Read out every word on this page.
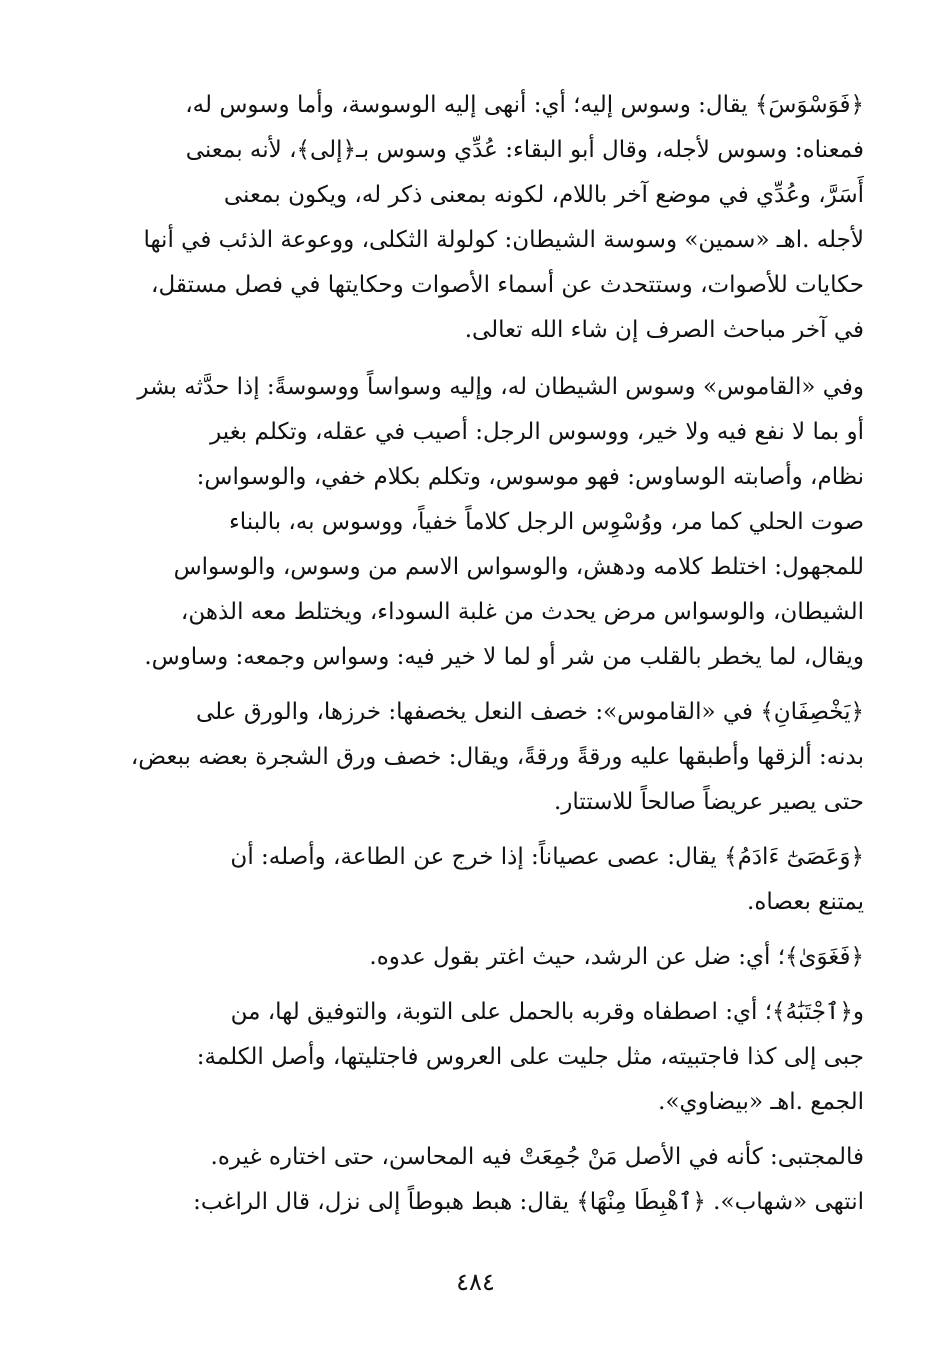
﴿فَوَسْوَسَ﴾ يقال: وسوس إليه؛ أي: أنهى إليه الوسوسة، وأما وسوس له،
فمعناه: وسوس لأجله، وقال أبو البقاء: عُدِّي وسوس بـ﴿إلى﴾، لأنه بمعنى
أَسَرَّ، وعُدِّي في موضع آخر باللام، لكونه بمعنى ذكر له، ويكون بمعنى
لأجله .اهـ «سمين» وسوسة الشيطان: كولولة الثكلى، ووعوعة الذئب في أنها
حكايات للأصوات، وستتحدث عن أسماء الأصوات وحكايتها في فصل مستقل،
في آخر مباحث الصرف إن شاء الله تعالى.

وفي «القاموس» وسوس الشيطان له، وإليه وسواساً ووسوسةً: إذا حدَّثه بشر
أو بما لا نفع فيه ولا خير، ووسوس الرجل: أصيب في عقله، وتكلم بغير
نظام، وأصابته الوساوس: فهو موسوس، وتكلم بكلام خفي، والوسواس:
صوت الحلي كما مر، ووُسْوِس الرجل كلاماً خفياً، ووسوس به، بالبناء
للمجهول: اختلط كلامه ودهش، والوسواس الاسم من وسوس، والوسواس
الشيطان، والوسواس مرض يحدث من غلبة السوداء، ويختلط معه الذهن،
ويقال، لما يخطر بالقلب من شر أو لما لا خير فيه: وسواس وجمعه: وساوس.

﴿يَخْصِفَانِ﴾ في «القاموس»: خصف النعل يخصفها: خرزها، والورق على
بدنه: ألزقها وأطبقها عليه ورقةً ورقةً، ويقال: خصف ورق الشجرة بعضه ببعض،
حتى يصير عريضاً صالحاً للاستتار.

﴿وَعَصَىٰٓ ءَادَمُ﴾ يقال: عصى عصياناً: إذا خرج عن الطاعة، وأصله: أن
يمتنع بعصاه.

﴿فَغَوَىٰ﴾؛ أي: ضل عن الرشد، حيث اغتر بقول عدوه.

و﴿ٱجْتَبَٰهُ﴾؛ أي: اصطفاه وقربه بالحمل على التوبة، والتوفيق لها، من
جبى إلى كذا فاجتبيته، مثل جليت على العروس فاجتليتها، وأصل الكلمة:
الجمع .اهـ «بيضاوي».

فالمجتبى: كأنه في الأصل مَنْ جُمِعَتْ فيه المحاسن، حتى اختاره غيره.
انتهى «شهاب». ﴿ٱهْبِطَا مِنْهَا﴾ يقال: هبط هبوطاً إلى نزل، قال الراغب:

٤٨٤
